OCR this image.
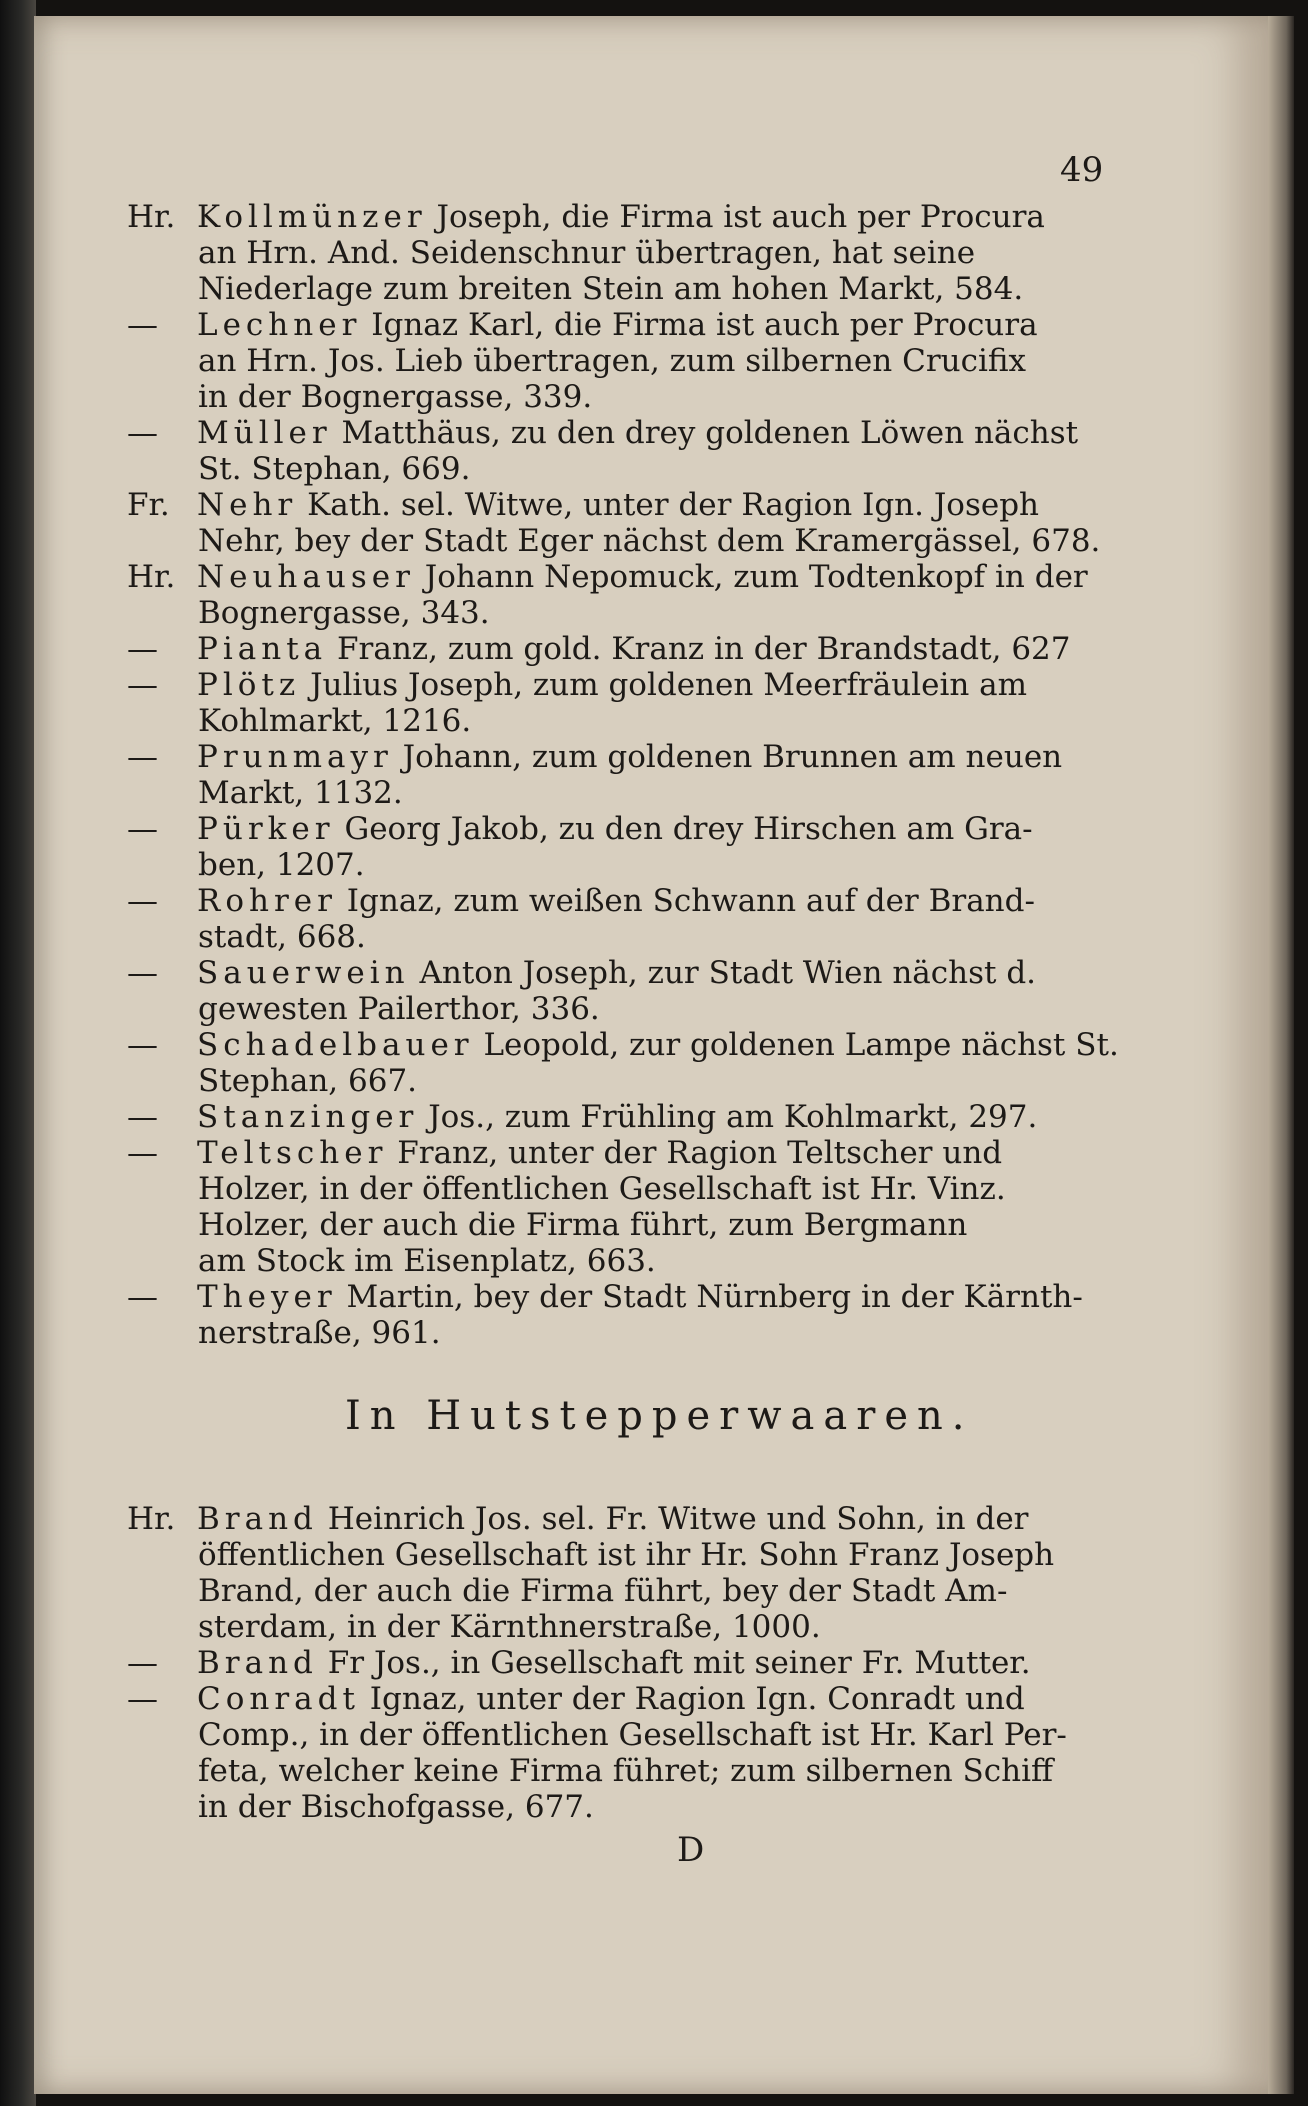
49
Hr. Kollmünzer Joseph, die Firma ist auch per Procura
an Hrn. And. Seidenschnur übertragen, hat seine
Niederlage zum breiten Stein am hohen Markt, 584.
— Lechner Ignaz Karl, die Firma ist auch per Procura
an Hrn. Jos. Lieb übertragen, zum silbernen Crucifix
in der Bognergasse, 339.
— Müller Matthäus, zu den drey goldenen Löwen nächst
St. Stephan, 669.
Fr. Nehr Kath. sel. Witwe, unter der Ragion Ign. Joseph
Nehr, bey der Stadt Eger nächst dem Kramergässel, 678.
Hr. Neuhauser Johann Nepomuck, zum Todtenkopf in der
Bognergasse, 343.
— Pianta Franz, zum gold. Kranz in der Brandstadt, 627
— Plötz Julius Joseph, zum goldenen Meerfräulein am
Kohlmarkt, 1216.
— Prunmayr Johann, zum goldenen Brunnen am neuen
Markt, 1132.
— Pürker Georg Jakob, zu den drey Hirschen am Gra-
ben, 1207.
— Rohrer Ignaz, zum weißen Schwann auf der Brand-
stadt, 668.
— Sauerwein Anton Joseph, zur Stadt Wien nächst d.
gewesten Pailerthor, 336.
— Schadelbauer Leopold, zur goldenen Lampe nächst St.
Stephan, 667.
— Stanzinger Jos., zum Frühling am Kohlmarkt, 297.
— Teltscher Franz, unter der Ragion Teltscher und
Holzer, in der öffentlichen Gesellschaft ist Hr. Vinz.
Holzer, der auch die Firma führt, zum Bergmann
am Stock im Eisenplatz, 663.
— Theyer Martin, bey der Stadt Nürnberg in der Kärnth-
nerstraße, 961.
In Hutstepperwaaren.
Hr. Brand Heinrich Jos. sel. Fr. Witwe und Sohn, in der
öffentlichen Gesellschaft ist ihr Hr. Sohn Franz Joseph
Brand, der auch die Firma führt, bey der Stadt Am-
sterdam, in der Kärnthnerstraße, 1000.
— Brand Fr Jos., in Gesellschaft mit seiner Fr. Mutter.
— Conradt Ignaz, unter der Ragion Ign. Conradt und
Comp., in der öffentlichen Gesellschaft ist Hr. Karl Per-
feta, welcher keine Firma führet; zum silbernen Schiff
in der Bischofgasse, 677.
D
